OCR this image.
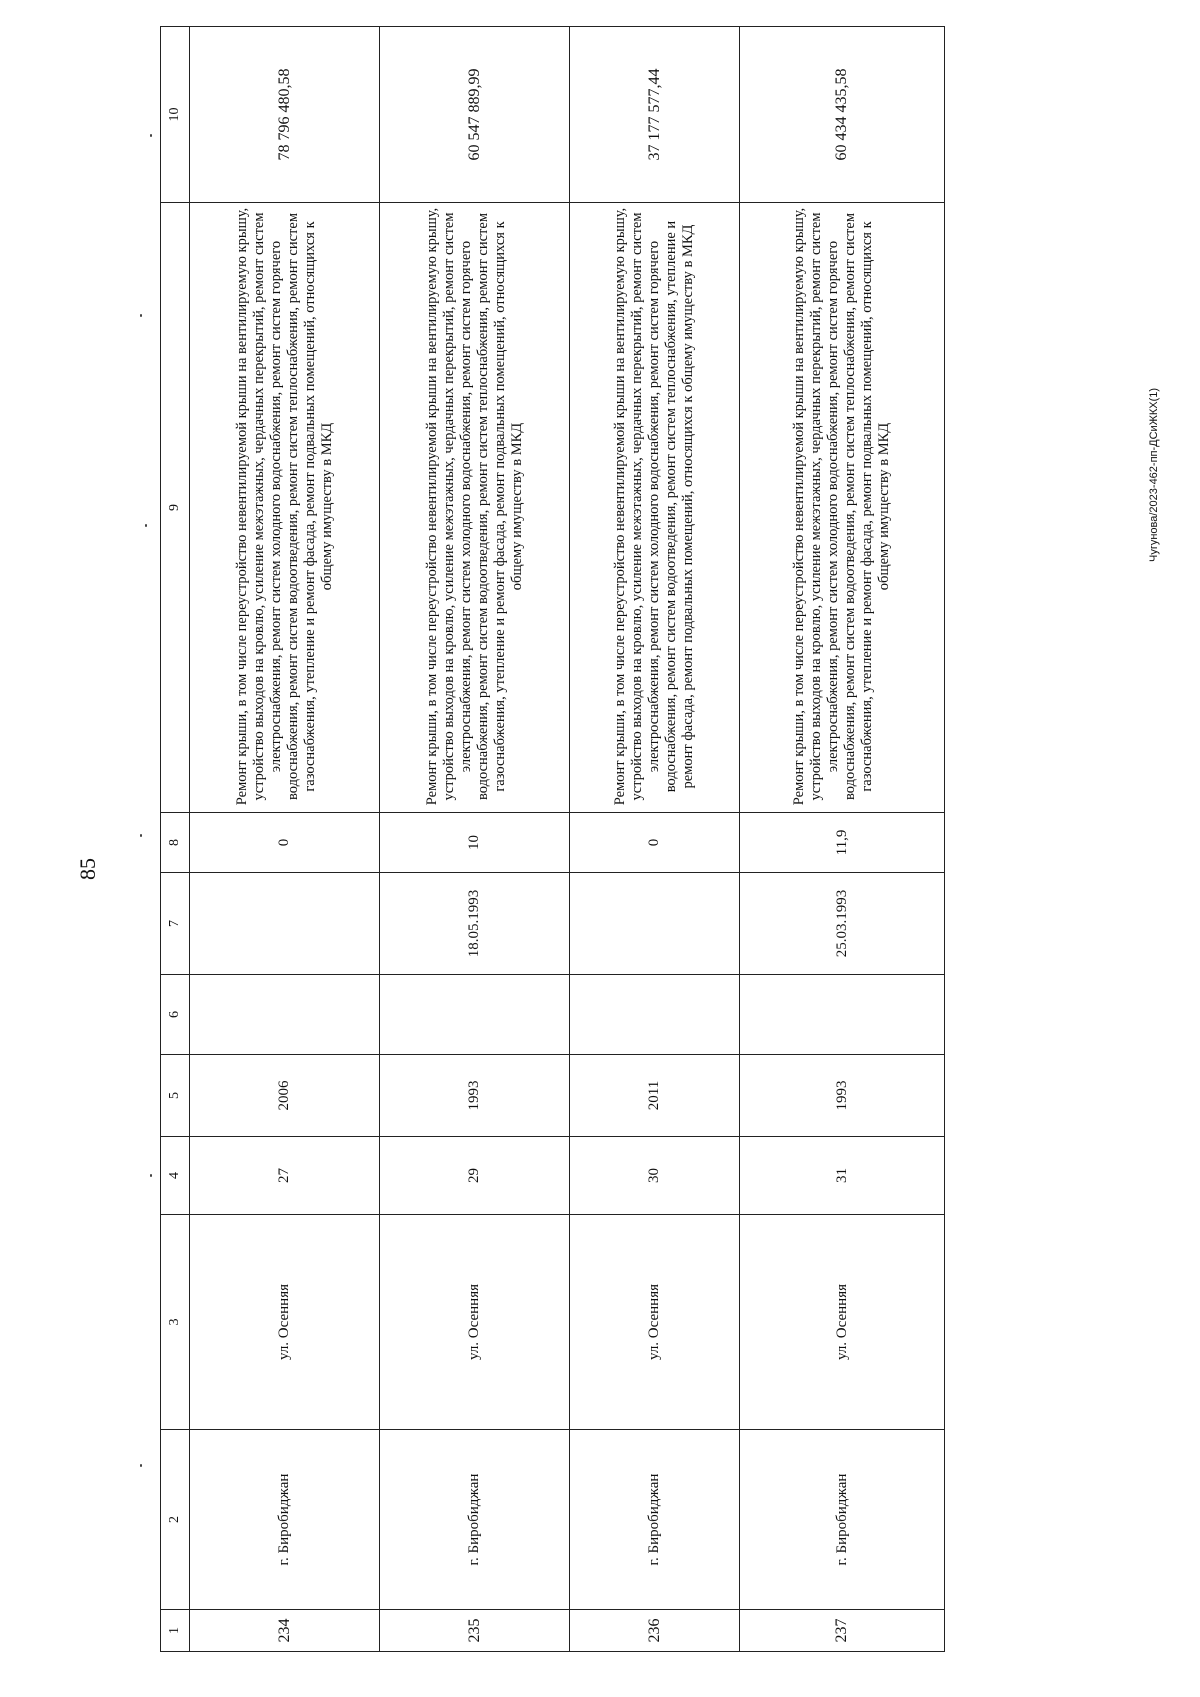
85
1	2	3	4	5	6	7	8	9	10
234	г. Биробиджан	ул. Осенняя	27	2006			0	Ремонт крыши, в том числе переустройство невентилируемой крыши на вентилируемую крышу, устройство выходов на кровлю, усиление межэтажных, чердачных перекрытий, ремонт систем электроснабжения, ремонт систем холодного водоснабжения, ремонт систем горячего водоснабжения, ремонт систем водоотведения, ремонт систем теплоснабжения, ремонт систем газоснабжения, утепление и ремонт фасада, ремонт подвальных помещений, относящихся к общему имуществу в МКД	78 796 480,58
235	г. Биробиджан	ул. Осенняя	29	1993		18.05.1993	10	Ремонт крыши, в том числе переустройство невентилируемой крыши на вентилируемую крышу, устройство выходов на кровлю, усиление межэтажных, чердачных перекрытий, ремонт систем электроснабжения, ремонт систем холодного водоснабжения, ремонт систем горячего водоснабжения, ремонт систем водоотведения, ремонт систем теплоснабжения, ремонт систем газоснабжения, утепление и ремонт фасада, ремонт подвальных помещений, относящихся к общему имуществу в МКД	60 547 889,99
236	г. Биробиджан	ул. Осенняя	30	2011			0	Ремонт крыши, в том числе переустройство невентилируемой крыши на вентилируемую крышу, устройство выходов на кровлю, усиление межэтажных, чердачных перекрытий, ремонт систем электроснабжения, ремонт систем холодного водоснабжения, ремонт систем горячего водоснабжения, ремонт систем водоотведения, ремонт систем теплоснабжения, утепление и ремонт фасада, ремонт подвальных помещений, относящихся к общему имуществу в МКД	37 177 577,44
237	г. Биробиджан	ул. Осенняя	31	1993		25.03.1993	11,9	Ремонт крыши, в том числе переустройство невентилируемой крыши на вентилируемую крышу, устройство выходов на кровлю, усиление межэтажных, чердачных перекрытий, ремонт систем электроснабжения, ремонт систем холодного водоснабжения, ремонт систем горячего водоснабжения, ремонт систем водоотведения, ремонт систем теплоснабжения, ремонт систем газоснабжения, утепление и ремонт фасада, ремонт подвальных помещений, относящихся к общему имуществу в МКД	60 434 435,58
Чугунова/2023-462-пп-ДСиЖКХ(1)
